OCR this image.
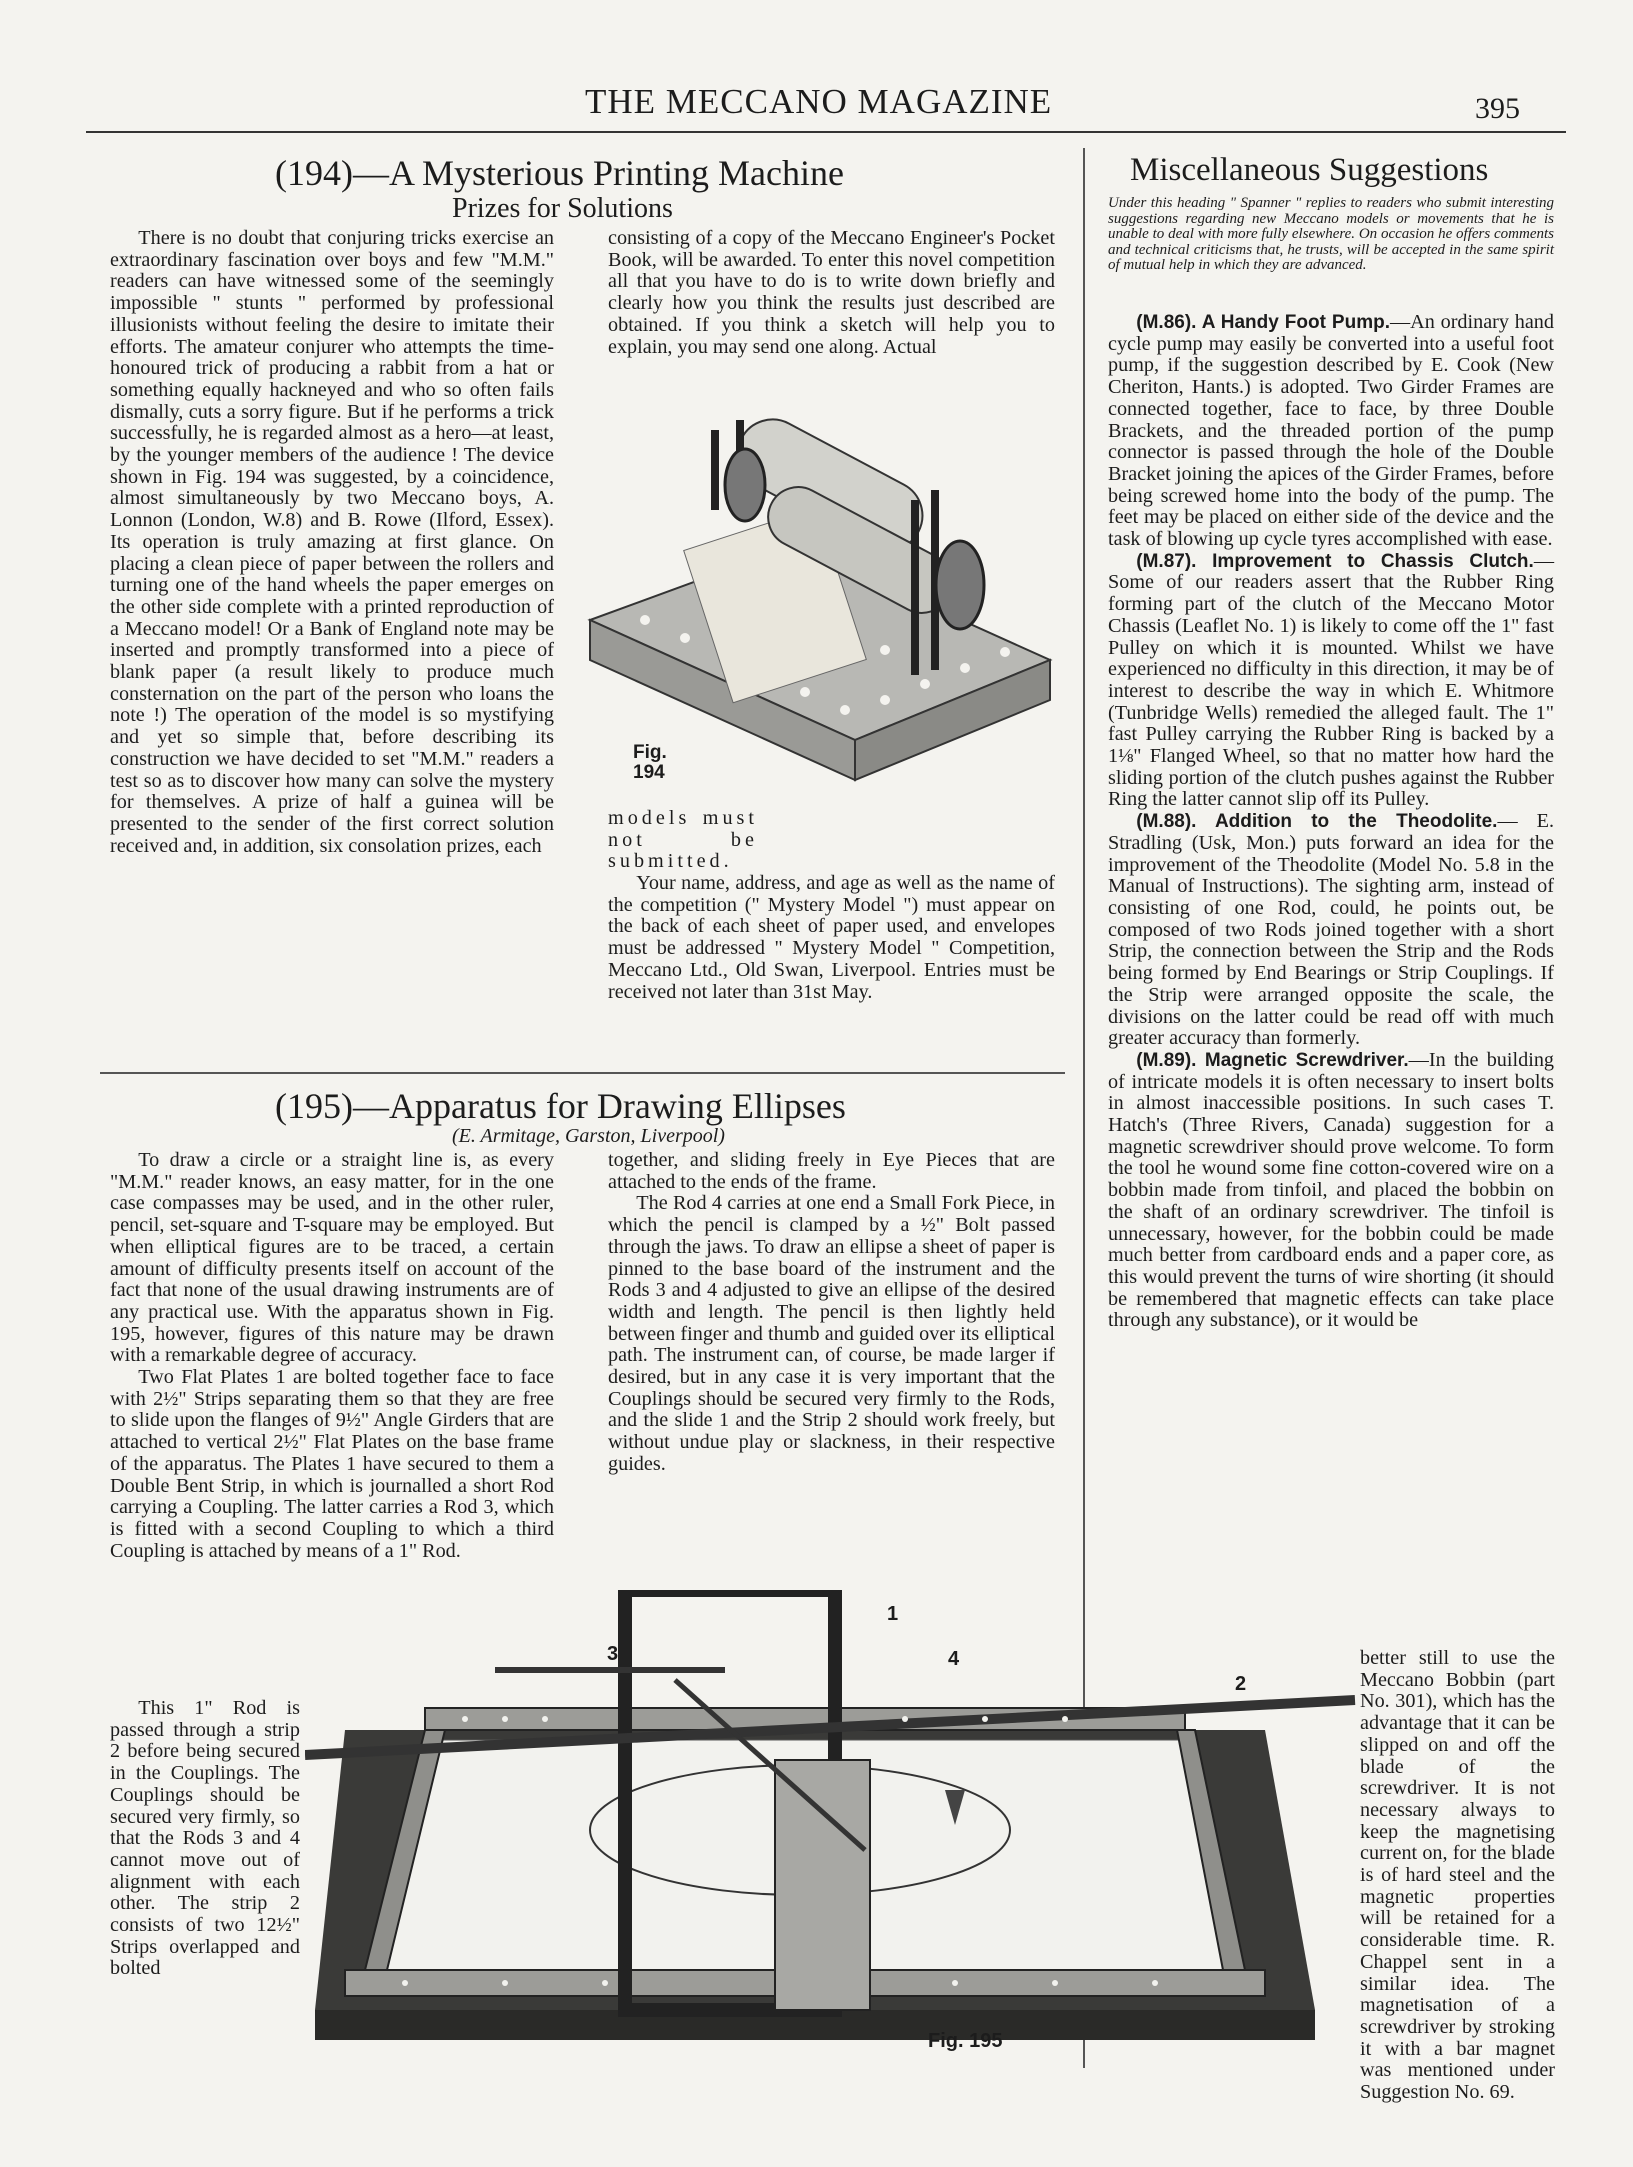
THE MECCANO MAGAZINE	395
(194)—A Mysterious Printing Machine
Prizes for Solutions
There is no doubt that conjuring tricks exercise an extraordinary fascination over boys and few "M.M." readers can have witnessed some of the seemingly impossible " stunts " performed by professional illusionists without feeling the desire to imitate their efforts. The amateur conjurer who attempts the time-honoured trick of producing a rabbit from a hat or something equally hackneyed and who so often fails dismally, cuts a sorry figure. But if he performs a trick successfully, he is regarded almost as a hero—at least, by the younger members of the audience ! The device shown in Fig. 194 was suggested, by a coincidence, almost simultaneously by two Meccano boys, A. Lonnon (London, W.8) and B. Rowe (Ilford, Essex). Its operation is truly amazing at first glance. On placing a clean piece of paper between the rollers and turning one of the hand wheels the paper emerges on the other side complete with a printed reproduction of a Meccano model! Or a Bank of England note may be inserted and promptly transformed into a piece of blank paper (a result likely to produce much consternation on the part of the person who loans the note !) The operation of the model is so mystifying and yet so simple that, before describing its construction we have decided to set "M.M." readers a test so as to discover how many can solve the mystery for themselves. A prize of half a guinea will be presented to the sender of the first correct solution received and, in addition, six consolation prizes, each
consisting of a copy of the Meccano Engineer's Pocket Book, will be awarded. To enter this novel competition all that you have to do is to write down briefly and clearly how you think the results just described are obtained. If you think a sketch will help you to explain, you may send one along. Actual
Fig. 194
models must not be submitted.
Your name, address, and age as well as the name of the competition (" Mystery Model ") must appear on the back of each sheet of paper used, and envelopes must be addressed " Mystery Model " Competition, Meccano Ltd., Old Swan, Liverpool. Entries must be received not later than 31st May.
(195)—Apparatus for Drawing Ellipses
(E. Armitage, Garston, Liverpool)

To draw a circle or a straight line is, as every "M.M." reader knows, an easy matter, for in the one case compasses may be used, and in the other ruler, pencil, set-square and T-square may be employed. But when elliptical figures are to be traced, a certain amount of difficulty presents itself on account of the fact that none of the usual drawing instruments are of any practical use. With the apparatus shown in Fig. 195, however, figures of this nature may be drawn with a remarkable degree of accuracy.

Two Flat Plates 1 are bolted together face to face with 2½" Strips separating them so that they are free to slide upon the flanges of 9½" Angle Girders that are attached to vertical 2½" Flat Plates on the base frame of the apparatus. The Plates 1 have secured to them a Double Bent Strip, in which is journalled a short Rod carrying a Coupling. The latter carries a Rod 3, which is fitted with a second Coupling to which a third Coupling is attached by means of a 1" Rod.

This 1" Rod is passed through a strip 2 before being secured in the Couplings. The Couplings should be secured very firmly, so that the Rods 3 and 4 cannot move out of alignment with each other. The strip 2 consists of two 12½" Strips overlapped and bolted

together, and sliding freely in Eye Pieces that are attached to the ends of the frame.

The Rod 4 carries at one end a Small Fork Piece, in which the pencil is clamped by a ½" Bolt passed through the jaws. To draw an ellipse a sheet of paper is pinned to the base board of the instrument and the Rods 3 and 4 adjusted to give an ellipse of the desired width and length. The pencil is then lightly held between finger and thumb and guided over its elliptical path. The instrument can, of course, be made larger if desired, but in any case it is very important that the Couplings should be secured very firmly to the Rods, and the slide 1 and the Strip 2 should work freely, but without undue play or slackness, in their respective guides.

3
1
4
2
Fig. 195
Miscellaneous Suggestions
Under this heading " Spanner " replies to readers who submit interesting suggestions regarding new Meccano models or movements that he is unable to deal with more fully elsewhere. On occasion he offers comments and technical criticisms that, he trusts, will be accepted in the same spirit of mutual help in which they are advanced.

(M.86). A Handy Foot Pump.—An ordinary hand cycle pump may easily be converted into a useful foot pump, if the suggestion described by E. Cook (New Cheriton, Hants.) is adopted. Two Girder Frames are connected together, face to face, by three Double Brackets, and the threaded portion of the pump connector is passed through the hole of the Double Bracket joining the apices of the Girder Frames, before being screwed home into the body of the pump. The feet may be placed on either side of the device and the task of blowing up cycle tyres accomplished with ease.

(M.87). Improvement to Chassis Clutch.—Some of our readers assert that the Rubber Ring forming part of the clutch of the Meccano Motor Chassis (Leaflet No. 1) is likely to come off the 1" fast Pulley on which it is mounted. Whilst we have experienced no difficulty in this direction, it may be of interest to describe the way in which E. Whitmore (Tunbridge Wells) remedied the alleged fault. The 1" fast Pulley carrying the Rubber Ring is backed by a 1⅛" Flanged Wheel, so that no matter how hard the sliding portion of the clutch pushes against the Rubber Ring the latter cannot slip off its Pulley.

(M.88). Addition to the Theodolite.— E. Stradling (Usk, Mon.) puts forward an idea for the improvement of the Theodolite (Model No. 5.8 in the Manual of Instructions). The sighting arm, instead of consisting of one Rod, could, he points out, be composed of two Rods joined together with a short Strip, the connection between the Strip and the Rods being formed by End Bearings or Strip Couplings. If the Strip were arranged opposite the scale, the divisions on the latter could be read off with much greater accuracy than formerly.

(M.89). Magnetic Screwdriver.—In the building of intricate models it is often necessary to insert bolts in almost inaccessible positions. In such cases T. Hatch's (Three Rivers, Canada) suggestion for a magnetic screwdriver should prove welcome. To form the tool he wound some fine cotton-covered wire on a bobbin made from tinfoil, and placed the bobbin on the shaft of an ordinary screwdriver. The tinfoil is unnecessary, however, for the bobbin could be made much better from cardboard ends and a paper core, as this would prevent the turns of wire shorting (it should be remembered that magnetic effects can take place through any substance), or it would be

better still to use the Meccano Bobbin (part No. 301), which has the advantage that it can be slipped on and off the blade of the screwdriver. It is not necessary always to keep the magnetising current on, for the blade is of hard steel and the magnetic properties will be retained for a considerable time. R. Chappel sent in a similar idea. The magnetisation of a screwdriver by stroking it with a bar magnet was mentioned under Suggestion No. 69.
